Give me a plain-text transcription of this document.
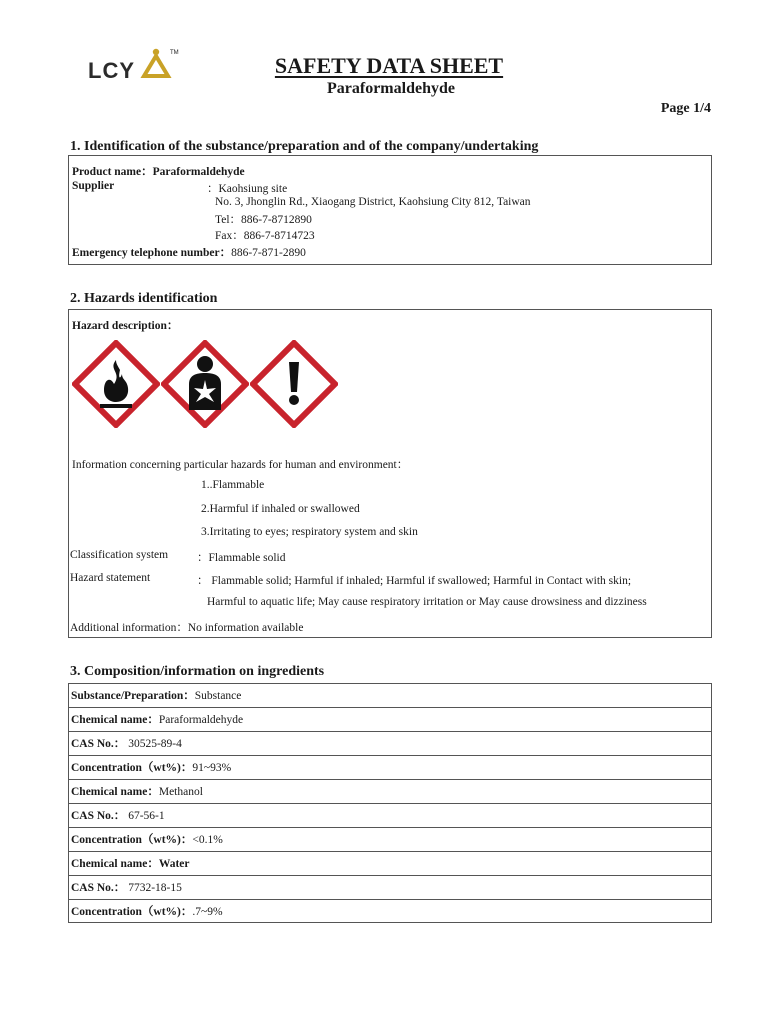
LCY
TM	SAFETY DATA SHEET
Paraformaldehyde
Page 1/4
1. Identification of the substance/preparation and of the company/undertaking
Product name：Paraformaldehyde
Supplier	：Kaohsiung site
No. 3, Jhonglin Rd., Xiaogang District, Kaohsiung City 812, Taiwan
Tel：886-7-8712890
Fax：886-7-8714723
Emergency telephone number：886-7-871-2890
2. Hazards identification
Hazard description：
Information concerning particular hazards for human and environment：
1..Flammable
2.Harmful if inhaled or swallowed
3.Irritating to eyes; respiratory system and skin
Classification system	：Flammable solid
Hazard statement	： Flammable solid; Harmful if inhaled; Harmful if swallowed; Harmful in Contact with skin;
Harmful to aquatic life; May cause respiratory irritation or May cause drowsiness and dizziness
Additional information：No information available
3. Composition/information on ingredients
Substance/Preparation：Substance
Chemical name：Paraformaldehyde
CAS No.： 30525-89-4
Concentration（wt%)：91~93%
Chemical name：Methanol
CAS No.： 67-56-1
Concentration（wt%)：<0.1%
Chemical name：Water
CAS No.： 7732-18-15
Concentration（wt%)：.7~9%
